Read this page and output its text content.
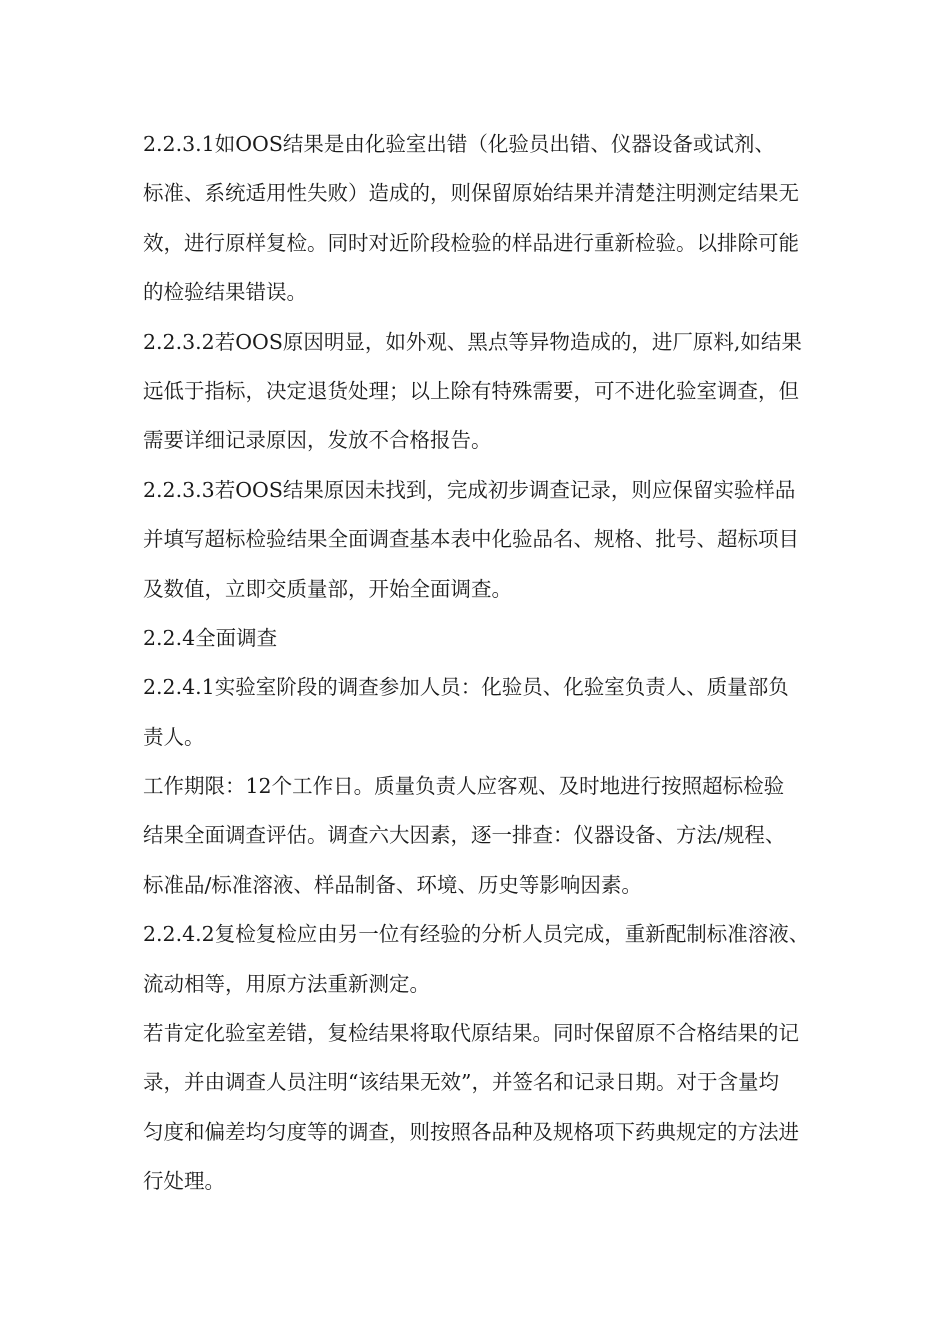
2.2.3.1如OOS结果是由化验室出错（化验员出错、仪器设备或试剂、
标准、系统适用性失败）造成的，则保留原始结果并清楚注明测定结果无
效，进行原样复检。同时对近阶段检验的样品进行重新检验。以排除可能
的检验结果错误。
2.2.3.2若OOS原因明显，如外观、黑点等异物造成的，进厂原料,如结果
远低于指标，决定退货处理；以上除有特殊需要，可不进化验室调查，但
需要详细记录原因，发放不合格报告。
2.2.3.3若OOS结果原因未找到，完成初步调查记录，则应保留实验样品
并填写超标检验结果全面调查基本表中化验品名、规格、批号、超标项目
及数值，立即交质量部，开始全面调查。
2.2.4全面调查
2.2.4.1实验室阶段的调查参加人员：化验员、化验室负责人、质量部负
责人。
工作期限：12个工作日。质量负责人应客观、及时地进行按照超标检验
结果全面调查评估。调查六大因素，逐一排查：仪器设备、方法/规程、
标准品/标准溶液、样品制备、环境、历史等影响因素。
2.2.4.2复检复检应由另一位有经验的分析人员完成，重新配制标准溶液、
流动相等，用原方法重新测定。
若肯定化验室差错，复检结果将取代原结果。同时保留原不合格结果的记
录，并由调查人员注明“该结果无效”，并签名和记录日期。对于含量均
匀度和偏差均匀度等的调查，则按照各品种及规格项下药典规定的方法进
行处理。
